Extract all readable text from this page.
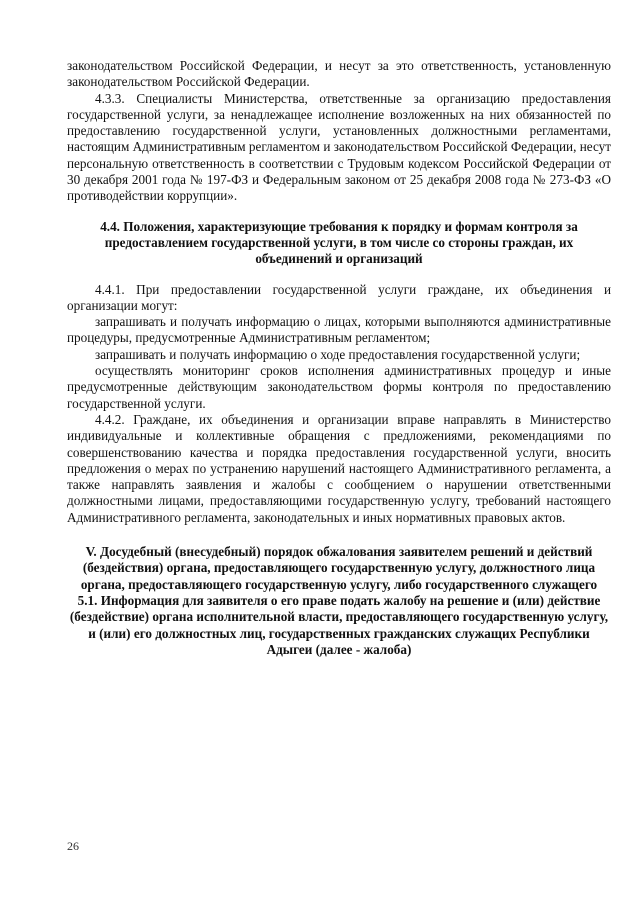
законодательством Российской Федерации, и несут за это ответственность, установленную законодательством Российской Федерации.

4.3.3. Специалисты Министерства, ответственные за организацию предоставления государственной услуги, за ненадлежащее исполнение возложенных на них обязанностей по предоставлению государственной услуги, установленных должностными регламентами, настоящим Административным регламентом и законодательством Российской Федерации, несут персональную ответственность в соответствии с Трудовым кодексом Российской Федерации от 30 декабря 2001 года № 197-ФЗ и Федеральным законом от 25 декабря 2008 года № 273-ФЗ «О противодействии коррупции».

4.4. Положения, характеризующие требования к порядку и формам контроля за предоставлением государственной услуги, в том числе со стороны граждан, их объединений и организаций

4.4.1. При предоставлении государственной услуги граждане, их объединения и организации могут:

запрашивать и получать информацию о лицах, которыми выполняются административные процедуры, предусмотренные Административным регламентом;

запрашивать и получать информацию о ходе предоставления государственной услуги;

осуществлять мониторинг сроков исполнения административных процедур и иные предусмотренные действующим законодательством формы контроля по предоставлению государственной услуги.

4.4.2. Граждане, их объединения и организации вправе направлять в Министерство индивидуальные и коллективные обращения с предложениями, рекомендациями по совершенствованию качества и порядка предоставления государственной услуги, вносить предложения о мерах по устранению нарушений настоящего Административного регламента, а также направлять заявления и жалобы с сообщением о нарушении ответственными должностными лицами, предоставляющими государственную услугу, требований настоящего Административного регламента, законодательных и иных нормативных правовых актов.

V. Досудебный (внесудебный) порядок обжалования заявителем решений и действий (бездействия) органа, предоставляющего государственную услугу, должностного лица органа, предоставляющего государственную услугу, либо государственного служащего

5.1. Информация для заявителя о его праве подать жалобу на решение и (или) действие (бездействие) органа исполнительной власти, предоставляющего государственную услугу, и (или) его должностных лиц, государственных гражданских служащих Республики Адыгеи (далее - жалоба)

26
